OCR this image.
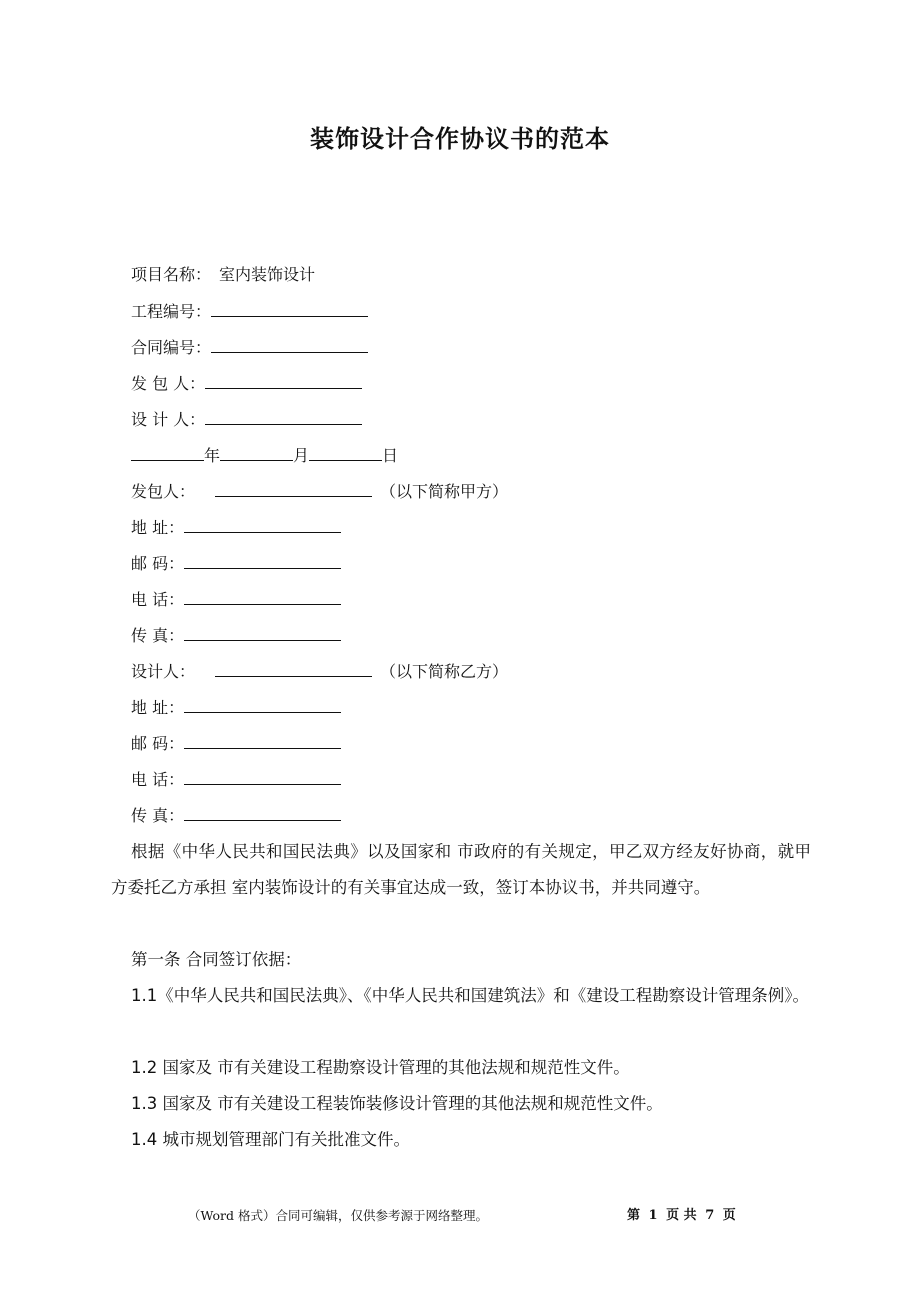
装饰设计合作协议书的范本
项目名称：　室内装饰设计
工程编号：
合同编号：
发 包 人：
设 计 人：
年	月	日
发包人：	（以下简称甲方）
地 址：
邮 码：
电 话：
传 真：
设计人：	（以下简称乙方）
地 址：
邮 码：
电 话：
传 真：
根据《中华人民共和国民法典》以及国家和 市政府的有关规定，甲乙双方经友好协商，就甲方委托乙方承担 室内装饰设计的有关事宜达成一致，签订本协议书，并共同遵守。
第一条 合同签订依据：
1.1《中华人民共和国民法典》、《中华人民共和国建筑法》和《建设工程勘察设计管理条例》。
1.2 国家及 市有关建设工程勘察设计管理的其他法规和规范性文件。
1.3 国家及 市有关建设工程装饰装修设计管理的其他法规和规范性文件。
1.4 城市规划管理部门有关批准文件。
（Word 格式）合同可编辑，仅供参考源于网络整理。	第 1 页 共 7 页
